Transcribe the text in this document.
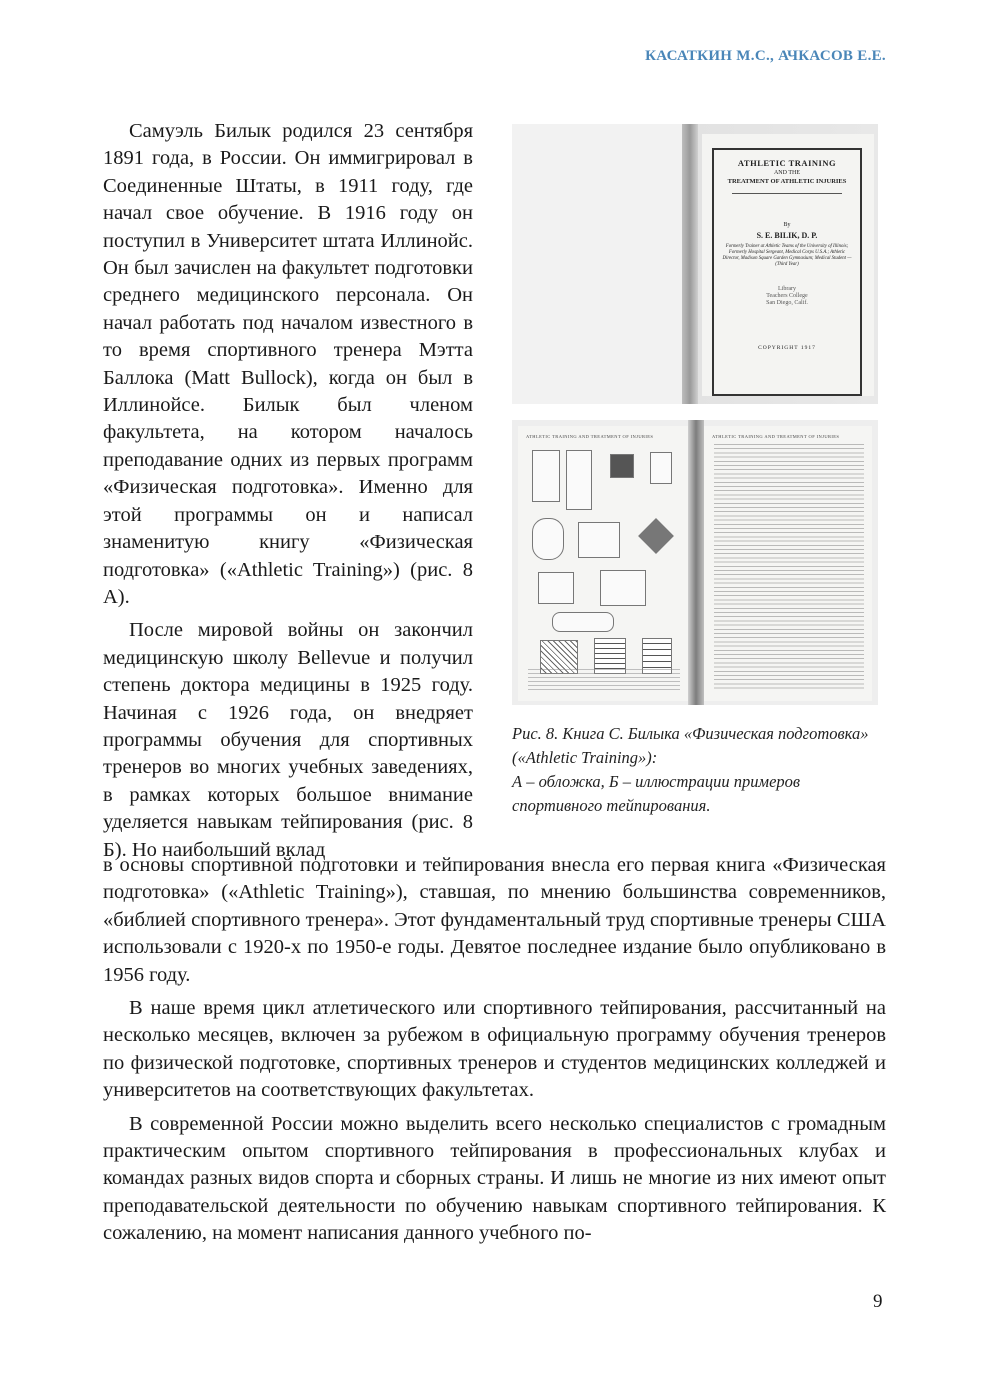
КАСАТКИН М.С., АЧКАСОВ Е.Е.

Самуэль Билык родился 23 сентября 1891 года, в России. Он иммигрировал в Соединенные Штаты, в 1911 году, где начал свое обучение. В 1916 году он поступил в Университет штата Иллинойс. Он был зачислен на факультет подготовки среднего медицинского персонала. Он начал работать под началом известного в то время спортивного тренера Мэтта Баллока (Matt Bullock), когда он был в Иллинойсе. Билык был членом факультета, на котором началось преподавание одних из первых программ «Физическая подготовка». Именно для этой программы он и написал знаменитую книгу «Физическая подготовка» («Athletic Training») (рис. 8 А).

После мировой войны он закончил медицинскую школу Bellevue и получил степень доктора медицины в 1925 году. Начиная с 1926 года, он внедряет программы обучения для спортивных тренеров во многих учебных заведениях, в рамках которых большое внимание уделяется навыкам тейпирования (рис. 8 Б). Но наибольший вклад

ATHLETIC TRAINING
AND THE
TREATMENT OF ATHLETIC INJURIES
By
S. E. BILIK, D. P.
Formerly Trainer at Athletic Teams of the University of Illinois; Formerly Hospital Sergeant, Medical Corps U.S.A.; Athletic Director, Madison Square Garden Gymnasium; Medical Student — (Third Year)
Library
Teachers College
San Diego, Calif.
COPYRIGHT 1917
ATHLETIC TRAINING AND TREATMENT OF INJURIES	ATHLETIC TRAINING AND TREATMENT OF INJURIES
Рис. 8. Книга С. Билыка «Физическая подготовка» («Athletic Training»):
А – обложка, Б – иллюстрации примеров спортивного тейпирования.

в основы спортивной подготовки и тейпирования внесла его первая книга «Физическая подготовка» («Athletic Training»), ставшая, по мнению большинства современников, «библией спортивного тренера». Этот фундаментальный труд спортивные тренеры США использовали с 1920-х по 1950-е годы. Девятое последнее издание было опубликовано в 1956 году.

В наше время цикл атлетического или спортивного тейпирования, рассчитанный на несколько месяцев, включен за рубежом в официальную программу обучения тренеров по физической подготовке, спортивных тренеров и студентов медицинских колледжей и университетов на соответствующих факультетах.

В современной России можно выделить всего несколько специалистов с громадным практическим опытом спортивного тейпирования в профессиональных клубах и командах разных видов спорта и сборных страны. И лишь не многие из них имеют опыт преподавательской деятельности по обучению навыкам спортивного тейпирования. К сожалению, на момент написания данного учебного по-

9
